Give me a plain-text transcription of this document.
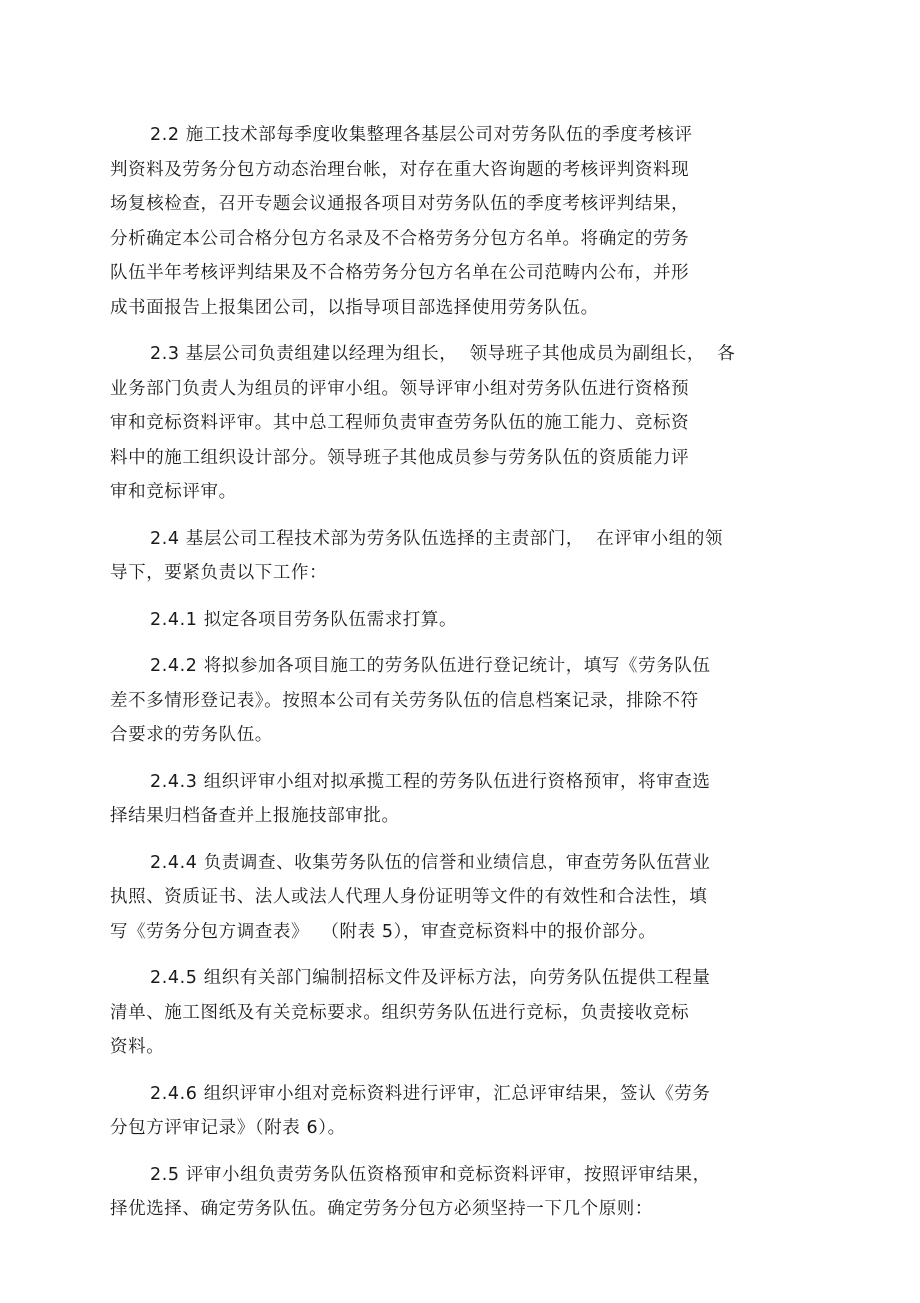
2.2 施工技术部每季度收集整理各基层公司对劳务队伍的季度考核评
判资料及劳务分包方动态治理台帐，对存在重大咨询题的考核评判资料现
场复核检查，召开专题会议通报各项目对劳务队伍的季度考核评判结果，
分析确定本公司合格分包方名录及不合格劳务分包方名单。将确定的劳务
队伍半年考核评判结果及不合格劳务分包方名单在公司范畴内公布，并形
成书面报告上报集团公司，以指导项目部选择使用劳务队伍。
2.3 基层公司负责组建以经理为组长，  领导班子其他成员为副组长，  各
业务部门负责人为组员的评审小组。领导评审小组对劳务队伍进行资格预
审和竞标资料评审。其中总工程师负责审查劳务队伍的施工能力、竞标资
料中的施工组织设计部分。领导班子其他成员参与劳务队伍的资质能力评
审和竞标评审。
2.4 基层公司工程技术部为劳务队伍选择的主责部门，  在评审小组的领
导下，要紧负责以下工作：
2.4.1 拟定各项目劳务队伍需求打算。
2.4.2 将拟参加各项目施工的劳务队伍进行登记统计，填写《劳务队伍
差不多情形登记表》。按照本公司有关劳务队伍的信息档案记录，排除不符
合要求的劳务队伍。
2.4.3 组织评审小组对拟承揽工程的劳务队伍进行资格预审，将审查选
择结果归档备查并上报施技部审批。
2.4.4 负责调查、收集劳务队伍的信誉和业绩信息，审查劳务队伍营业
执照、资质证书、法人或法人代理人身份证明等文件的有效性和合法性，填
写《劳务分包方调查表》  （附表 5），审查竞标资料中的报价部分。
2.4.5 组织有关部门编制招标文件及评标方法，向劳务队伍提供工程量
清单、施工图纸及有关竞标要求。组织劳务队伍进行竞标，负责接收竞标
资料。
2.4.6 组织评审小组对竞标资料进行评审，汇总评审结果，签认《劳务
分包方评审记录》（附表 6）。
2.5 评审小组负责劳务队伍资格预审和竞标资料评审，按照评审结果，
择优选择、确定劳务队伍。确定劳务分包方必须坚持一下几个原则：
